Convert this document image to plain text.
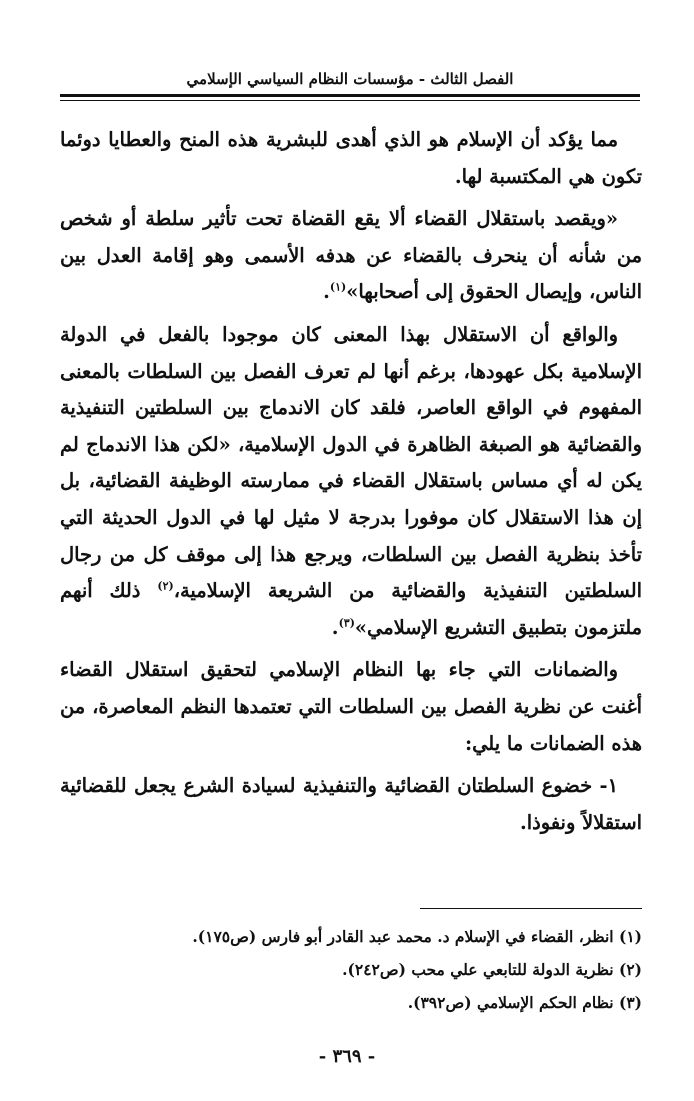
الفصل الثالث - مؤسسات النظام السياسي الإسلامي

مما يؤكد أن الإسلام هو الذي أهدى للبشرية هذه المنح والعطايا دوئما تكون هي المكتسبة لها.

«ويقصد باستقلال القضاء ألا يقع القضاة تحت تأثير سلطة أو شخص من شأنه أن ينحرف بالقضاء عن هدفه الأسمى وهو إقامة العدل بين الناس، وإيصال الحقوق إلى أصحابها»$^{(١)}$.

والواقع أن الاستقلال بهذا المعنى كان موجودا بالفعل في الدولة الإسلامية بكل عهودها، برغم أنها لم تعرف الفصل بين السلطات بالمعنى المفهوم في الواقع العاصر، فلقد كان الاندماج بين السلطتين التنفيذية والقضائية هو الصبغة الظاهرة في الدول الإسلامية، «لكن هذا الاندماج لم يكن له أي مساس باستقلال القضاء في ممارسته الوظيفة القضائية، بل إن هذا الاستقلال كان موفورا بدرجة لا مثيل لها في الدول الحديثة التي تأخذ بنظرية الفصل بين السلطات، ويرجع هذا إلى موقف كل من رجال السلطتين التنفيذية والقضائية من الشريعة الإسلامية،$^{(٢)}$ ذلك أنهم ملتزمون بتطبيق التشريع الإسلامي»$^{(٣)}$.

والضمانات التي جاء بها النظام الإسلامي لتحقيق استقلال القضاء أغنت عن نظرية الفصل بين السلطات التي تعتمدها النظم المعاصرة، من هذه الضمانات ما يلي:

١- خضوع السلطتان القضائية والتنفيذية لسيادة الشرع يجعل للقضائية استقلالاً ونفوذا.

(١) انظر، القضاء في الإسلام د. محمد عبد القادر أبو فارس (ص١٧٥).

(٢) نظرية الدولة للتابعي علي محب (ص٢٤٢).

(٣) نظام الحكم الإسلامي (ص٣٩٢).

- ٣٦٩ -
